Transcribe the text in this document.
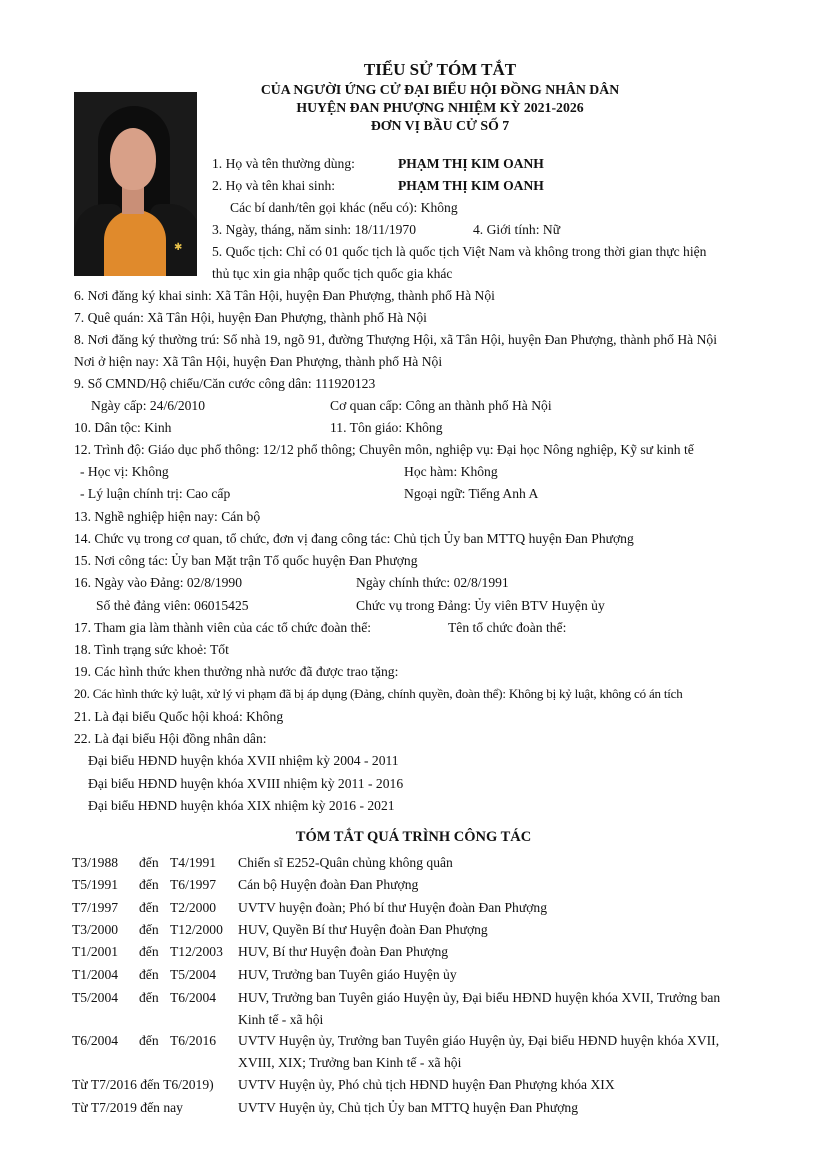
TIỂU SỬ TÓM TẮT
CỦA NGƯỜI ỨNG CỬ ĐẠI BIỂU HỘI ĐỒNG NHÂN DÂN
HUYỆN ĐAN PHƯỢNG NHIỆM KỲ 2021-2026
ĐƠN VỊ BẦU CỬ SỐ 7
✱
1. Họ và tên thường dùng:	PHẠM THỊ KIM OANH
2. Họ và tên khai sinh:	PHẠM THỊ KIM OANH
Các bí danh/tên gọi khác (nếu có): Không
3. Ngày, tháng, năm sinh: 18/11/1970	4. Giới tính: Nữ
5. Quốc tịch: Chỉ có 01 quốc tịch là quốc tịch Việt Nam và không trong thời gian thực hiện
thủ tục xin gia nhập quốc tịch quốc gia khác
6. Nơi đăng ký khai sinh: Xã Tân Hội, huyện Đan Phượng, thành phố Hà Nội
7. Quê quán: Xã Tân Hội, huyện Đan Phượng, thành phố Hà Nội
8. Nơi đăng ký thường trú: Số nhà 19, ngõ 91, đường Thượng Hội, xã Tân Hội, huyện Đan Phượng, thành phố Hà Nội
Nơi ở hiện nay: Xã Tân Hội, huyện Đan Phượng, thành phố Hà Nội
9. Số CMND/Hộ chiếu/Căn cước công dân: 111920123
Ngày cấp: 24/6/2010	Cơ quan cấp: Công an thành phố Hà Nội
10. Dân tộc: Kinh	11. Tôn giáo: Không
12. Trình độ: Giáo dục phổ thông: 12/12 phổ thông; Chuyên môn, nghiệp vụ: Đại học Nông nghiệp, Kỹ sư kinh tế
- Học vị: Không	Học hàm: Không
- Lý luận chính trị: Cao cấp	Ngoại ngữ: Tiếng Anh A
13. Nghề nghiệp hiện nay: Cán bộ
14. Chức vụ trong cơ quan, tổ chức, đơn vị đang công tác: Chủ tịch Ủy ban MTTQ huyện Đan Phượng
15. Nơi công tác: Ủy ban Mặt trận Tổ quốc huyện Đan Phượng
16. Ngày vào Đảng: 02/8/1990	Ngày chính thức: 02/8/1991
Số thẻ đảng viên: 06015425	Chức vụ trong Đảng: Ủy viên BTV Huyện ủy
17. Tham gia làm thành viên của các tổ chức đoàn thể:	Tên tổ chức đoàn thể:
18. Tình trạng sức khoẻ: Tốt
19. Các hình thức khen thưởng nhà nước đã được trao tặng:
20. Các hình thức kỷ luật, xử lý vi phạm đã bị áp dụng (Đảng, chính quyền, đoàn thể): Không bị kỷ luật, không có án tích
21. Là đại biểu Quốc hội khoá: Không
22. Là đại biểu Hội đồng nhân dân:
Đại biểu HĐND huyện khóa XVII nhiệm kỳ 2004 - 2011
Đại biểu HĐND huyện khóa XVIII nhiệm kỳ 2011 - 2016
Đại biểu HĐND huyện khóa XIX nhiệm kỳ 2016 - 2021
TÓM TẮT QUÁ TRÌNH CÔNG TÁC
T3/1988 đến T4/1991 Chiến sĩ E252-Quân chủng không quân
T5/1991 đến T6/1997 Cán bộ Huyện đoàn Đan Phượng
T7/1997 đến T2/2000 UVTV huyện đoàn; Phó bí thư Huyện đoàn Đan Phượng
T3/2000 đến T12/2000 HUV, Quyền Bí thư Huyện đoàn Đan Phượng
T1/2001 đến T12/2003 HUV, Bí thư Huyện đoàn Đan Phượng
T1/2004 đến T5/2004 HUV, Trưởng ban Tuyên giáo Huyện ủy
T5/2004 đến T6/2004 HUV, Trưởng ban Tuyên giáo Huyện ủy, Đại biểu HĐND huyện khóa XVII, Trưởng ban
Kinh tế - xã hội
T6/2004 đến T6/2016 UVTV Huyện ủy, Trưởng ban Tuyên giáo Huyện ủy, Đại biểu HĐND huyện khóa XVII,
XVIII, XIX; Trưởng ban Kinh tế - xã hội
Từ T7/2016 đến T6/2019) UVTV Huyện ủy, Phó chủ tịch HĐND huyện Đan Phượng khóa XIX
Từ T7/2019 đến nay	UVTV Huyện ủy, Chủ tịch Ủy ban MTTQ huyện Đan Phượng
